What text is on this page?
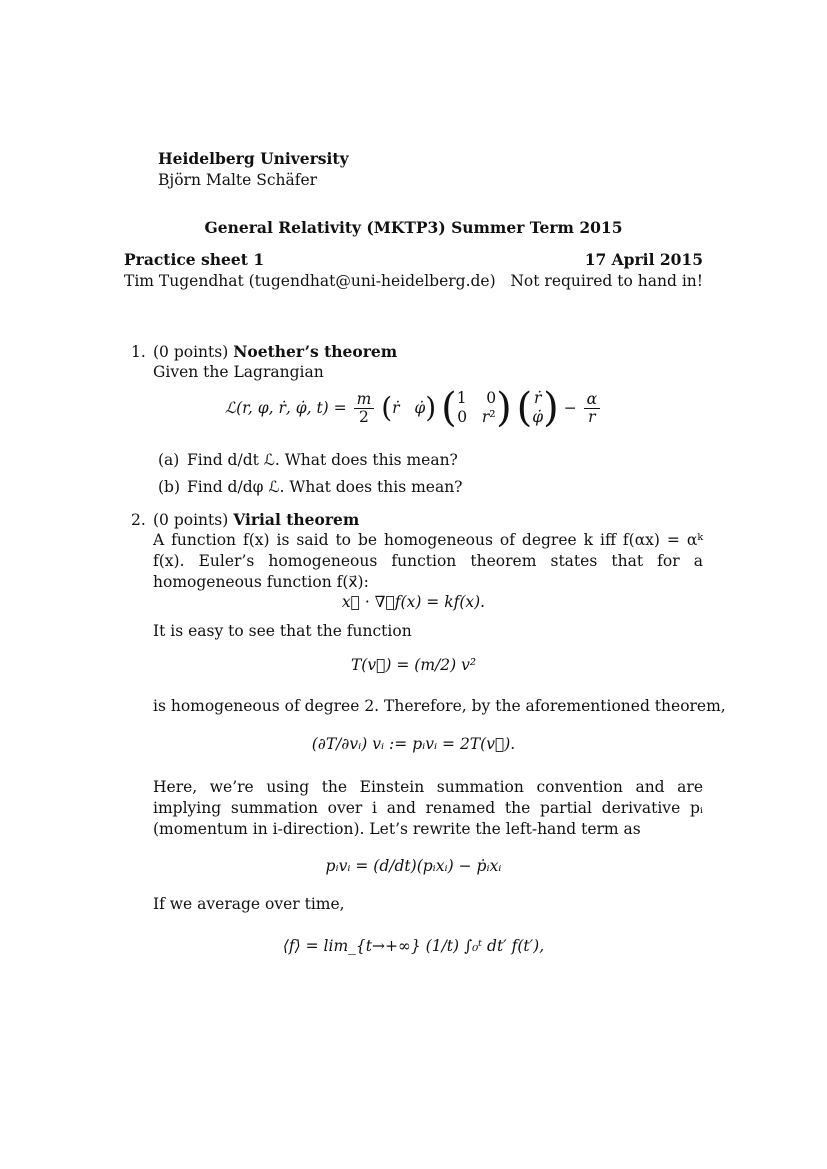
Heidelberg University
Björn Malte Schäfer
General Relativity (MKTP3) Summer Term 2015
Practice sheet 1	17 April 2015
Tim Tugendhat (tugendhat@uni-heidelberg.de) Not required to hand in!
1. (0 points) Noether’s theorem
Given the Lagrangian
ℒ(r, φ, ṙ, φ̇, $t) = \frac{m}{2}$ (ṙ φ̇) ( 1    0
0   r² ) ( ṙ
φ̇ ) − $\frac{\alpha}{r}$
(a) Find d/dt ℒ. What does this mean?
(b) Find d/dφ ℒ. What does this mean?
2. (0 points) Virial theorem
A function f(x) is said to be homogeneous of degree k iff f(αx) = αᵏ f(x). Euler’s homogeneous function theorem states that for a homogeneous function f(x⃗):
x⃗ · ∇⃗f(x) = kf(x).
It is easy to see that the function
T(v⃗) = (m/2) v²
is homogeneous of degree 2. Therefore, by the aforementioned theorem,
(∂T/∂vᵢ) vᵢ := pᵢvᵢ = 2T(v⃗).
Here, we’re using the Einstein summation convention and are implying summation over i and renamed the partial derivative pᵢ (momentum in i-direction). Let’s rewrite the left-hand term as
pᵢvᵢ = (d/dt)(pᵢxᵢ) − ṗᵢxᵢ
If we average over time,
⟨f⟩ = lim_{t→+∞} (1/t) ∫₀ᵗ dt′ f(t′),
